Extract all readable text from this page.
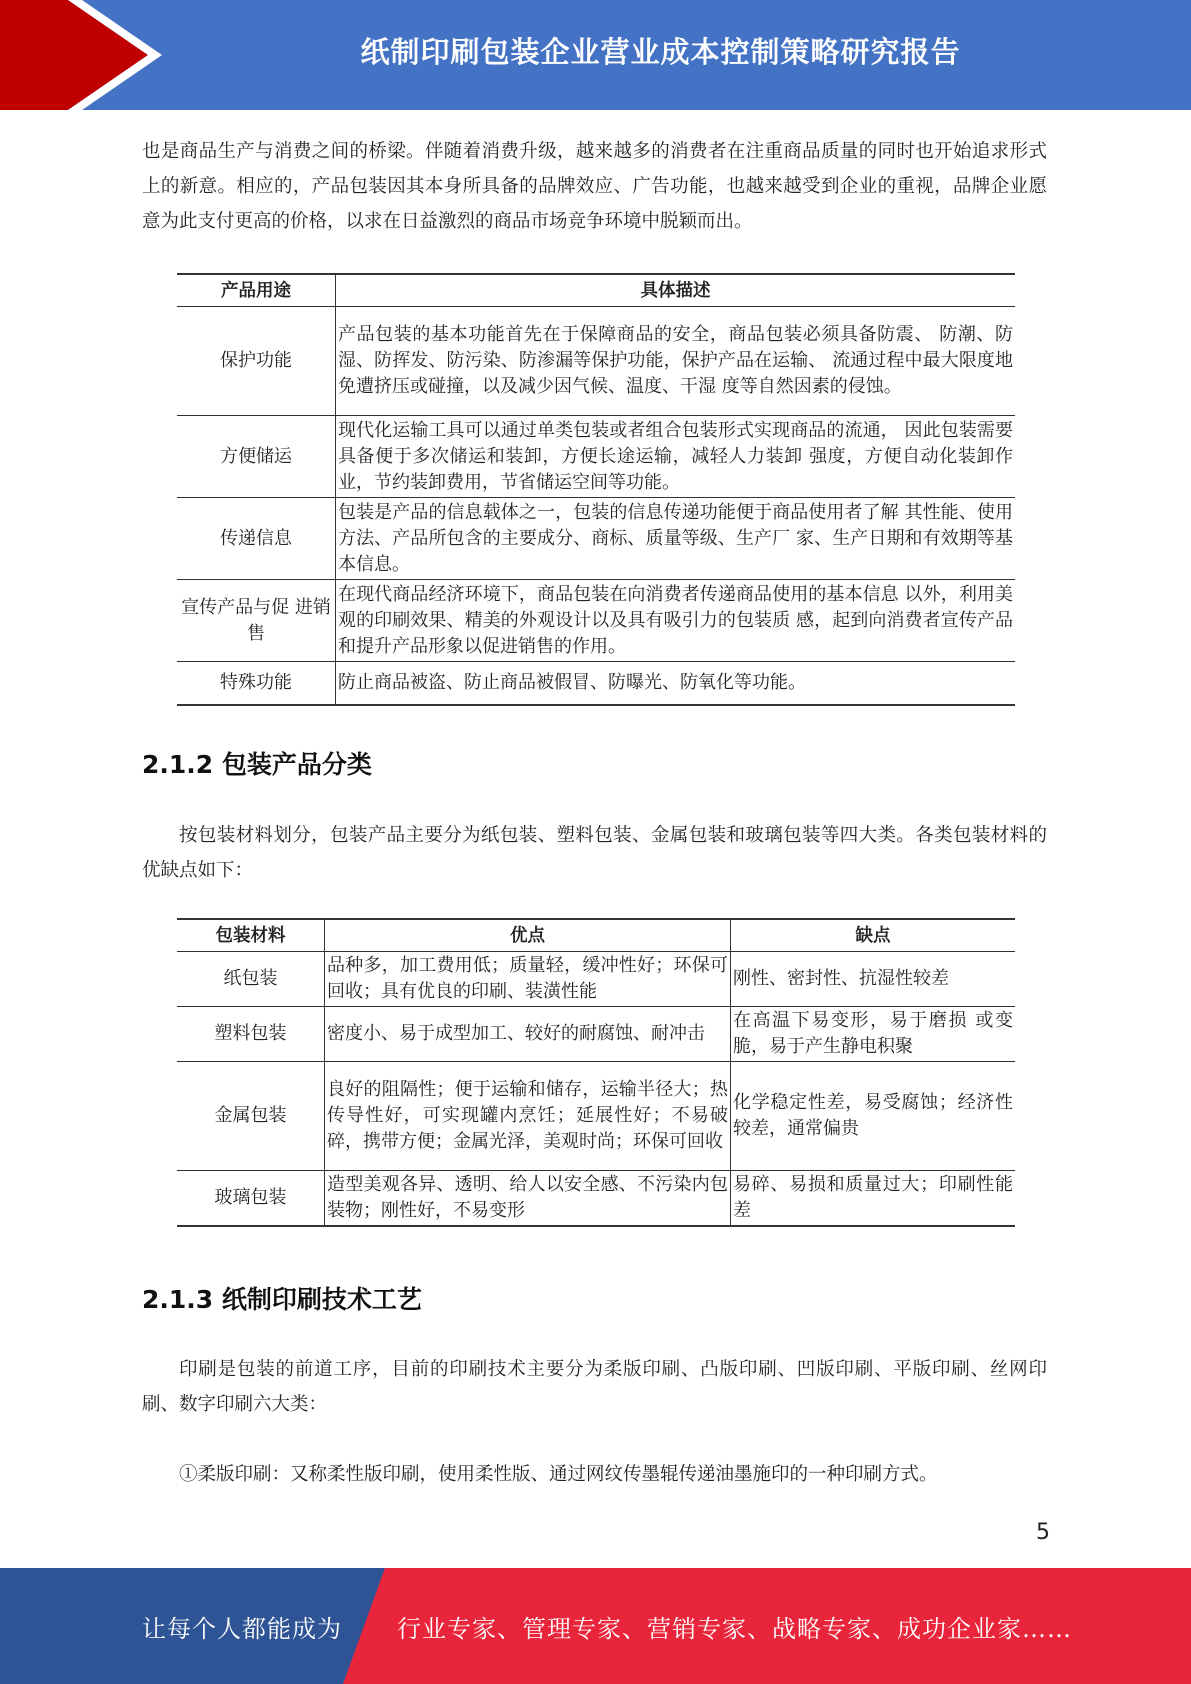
纸制印刷包装企业营业成本控制策略研究报告

也是商品生产与消费之间的桥梁。伴随着消费升级，越来越多的消费者在注重商品质量的同时也开始追求形式上的新意。相应的，产品包装因其本身所具备的品牌效应、广告功能，也越来越受到企业的重视，品牌企业愿意为此支付更高的价格，以求在日益激烈的商品市场竞争环境中脱颖而出。

产品用途	具体描述
保护功能	产品包装的基本功能首先在于保障商品的安全，商品包装必须具备防震、 防潮、防湿、防挥发、防污染、防渗漏等保护功能，保护产品在运输、 流通过程中最大限度地免遭挤压或碰撞，以及减少因气候、温度、干湿 度等自然因素的侵蚀。
方便储运	现代化运输工具可以通过单类包装或者组合包装形式实现商品的流通， 因此包装需要具备便于多次储运和装卸，方便长途运输，减轻人力装卸 强度，方便自动化装卸作业，节约装卸费用，节省储运空间等功能。
传递信息	包装是产品的信息载体之一，包装的信息传递功能便于商品使用者了解 其性能、使用方法、产品所包含的主要成分、商标、质量等级、生产厂 家、生产日期和有效期等基本信息。
宣传产品与促 进销售	在现代商品经济环境下，商品包装在向消费者传递商品使用的基本信息 以外，利用美观的印刷效果、精美的外观设计以及具有吸引力的包装质 感，起到向消费者宣传产品和提升产品形象以促进销售的作用。
特殊功能	防止商品被盗、防止商品被假冒、防曝光、防氧化等功能。
2.1.2 包装产品分类

按包装材料划分，包装产品主要分为纸包装、塑料包装、金属包装和玻璃包装等四大类。各类包装材料的优缺点如下：

包装材料	优点	缺点
纸包装	品种多，加工费用低；质量轻，缓冲性好；环保可回收；具有优良的印刷、装潢性能	刚性、密封性、抗湿性较差
塑料包装	密度小、易于成型加工、较好的耐腐蚀、耐冲击	在高温下易变形，易于磨损 或变脆，易于产生静电积聚
金属包装	良好的阻隔性；便于运输和储存，运输半径大；热传导性好，可实现罐内烹饪；延展性好；不易破碎，携带方便；金属光泽，美观时尚；环保可回收	化学稳定性差，易受腐蚀；经济性较差，通常偏贵
玻璃包装	造型美观各异、透明、给人以安全感、不污染内包装物；刚性好，不易变形	易碎、易损和质量过大；印刷性能差
2.1.3 纸制印刷技术工艺

印刷是包装的前道工序，目前的印刷技术主要分为柔版印刷、凸版印刷、凹版印刷、平版印刷、丝网印刷、数字印刷六大类：

①柔版印刷：又称柔性版印刷，使用柔性版、通过网纹传墨辊传递油墨施印的一种印刷方式。

5
让每个人都能成为 行业专家、管理专家、营销专家、战略专家、成功企业家……
